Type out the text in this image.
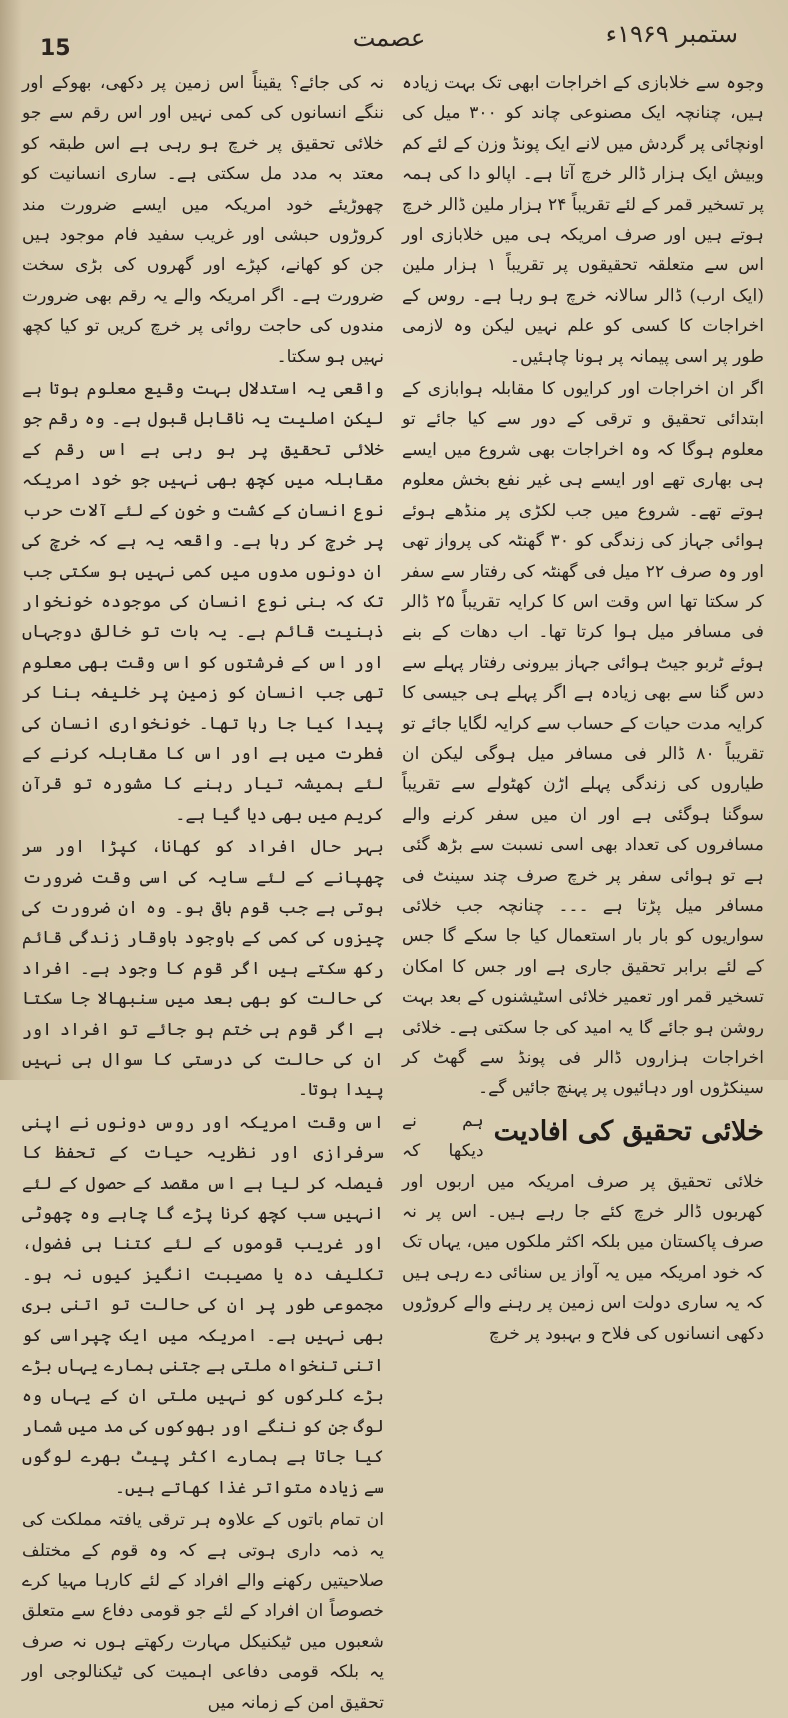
15	عصمت	ستمبر ۱۹۶۹ء

نہ کی جائے؟ یقیناً اس زمین پر دکھی، بھوکے اور ننگے انسانوں کی کمی نہیں اور اس رقم سے جو خلائی تحقیق پر خرچ ہو رہی ہے اس طبقہ کو معتد بہ مدد مل سکتی ہے۔ ساری انسانیت کو چھوڑیئے خود امریکہ میں ایسے ضرورت مند کروڑوں حبشی اور غریب سفید فام موجود ہیں جن کو کھانے، کپڑے اور گھروں کی بڑی سخت ضرورت ہے۔ اگر امریکہ والے یہ رقم بھی ضرورت مندوں کی حاجت روائی پر خرچ کریں تو کیا کچھ نہیں ہو سکتا۔

واقعی یہ استدلال بہت وقیع معلوم ہوتا ہے لیکن اصلیت یہ ناقابل قبول ہے۔ وہ رقم جو خلائی تحقیق پر ہو رہی ہے اس رقم کے مقابلہ میں کچھ بھی نہیں جو خود امریکہ نوع انسان کے کشت و خون کے لئے آلات حرب پر خرچ کر رہا ہے۔ واقعہ یہ ہے کہ خرچ کی ان دونوں مدوں میں کمی نہیں ہو سکتی جب تک کہ بنی نوع انسان کی موجودہ خونخوار ذہنیت قائم ہے۔ یہ بات تو خالق دوجہاں اور اس کے فرشتوں کو اس وقت بھی معلوم تھی جب انسان کو زمین پر خلیفہ بنا کر پیدا کیا جا رہا تھا۔ خونخواری انسان کی فطرت میں ہے اور اس کا مقابلہ کرنے کے لئے ہمیشہ تیار رہنے کا مشورہ تو قرآن کریم میں بھی دیا گیا ہے۔

بہر حال افراد کو کھانا، کپڑا اور سر چھپانے کے لئے سایہ کی اسی وقت ضرورت ہوتی ہے جب قوم باقی ہو۔ وہ ان ضرورت کی چیزوں کی کمی کے باوجود باوقار زندگی قائم رکھ سکتے ہیں اگر قوم کا وجود ہے۔ افراد کی حالت کو بھی بعد میں سنبھالا جا سکتا ہے اگر قوم ہی ختم ہو جائے تو افراد اور ان کی حالت کی درستی کا سوال ہی نہیں پیدا ہوتا۔

اس وقت امریکہ اور روس دونوں نے اپنی سرفرازی اور نظریہ حیات کے تحفظ کا فیصلہ کر لیا ہے اس مقصد کے حصول کے لئے انہیں سب کچھ کرنا پڑے گا چاہے وہ چھوٹی اور غریب قوموں کے لئے کتنا ہی فضول، تکلیف دہ یا مصیبت انگیز کیوں نہ ہو۔ مجموعی طور پر ان کی حالت تو اتنی بری بھی نہیں ہے۔ امریکہ میں ایک چپراسی کو اتنی تنخواہ ملتی ہے جتنی ہمارے یہاں بڑے بڑے کلرکوں کو نہیں ملتی ان کے یہاں وہ لوگ جن کو ننگے اور بھوکوں کی مد میں شمار کیا جاتا ہے ہمارے اکثر پیٹ بھرے لوگوں سے زیادہ متواتر غذا کھاتے ہیں۔

ان تمام باتوں کے علاوہ ہر ترقی یافتہ مملکت کی یہ ذمہ داری ہوتی ہے کہ وہ قوم کے مختلف صلاحیتیں رکھنے والے افراد کے لئے کارہا مہیا کرے خصوصاً ان افراد کے لئے جو قومی دفاع سے متعلق شعبوں میں ٹیکنیکل مہارت رکھتے ہوں نہ صرف یہ بلکہ قومی دفاعی اہمیت کی ٹیکنالوجی اور تحقیق امن کے زمانہ میں

وجوہ سے خلابازی کے اخراجات ابھی تک بہت زیادہ ہیں، چنانچہ ایک مصنوعی چاند کو ۳۰۰ میل کی اونچائی پر گردش میں لانے ایک پونڈ وزن کے لئے کم وبیش ایک ہزار ڈالر خرچ آتا ہے۔ اپالو دا کی ہمہ پر تسخیر قمر کے لئے تقریباً ۲۴ ہزار ملین ڈالر خرچ ہوتے ہیں اور صرف امریکہ ہی میں خلابازی اور اس سے متعلقہ تحقیقوں پر تقریباً ۱ ہزار ملین (ایک ارب) ڈالر سالانہ خرچ ہو رہا ہے۔ روس کے اخراجات کا کسی کو علم نہیں لیکن وہ لازمی طور پر اسی پیمانہ پر ہونا چاہئیں۔

اگر ان اخراجات اور کرایوں کا مقابلہ ہوابازی کے ابتدائی تحقیق و ترقی کے دور سے کیا جائے تو معلوم ہوگا کہ وہ اخراجات بھی شروع میں ایسے ہی بھاری تھے اور ایسے ہی غیر نفع بخش معلوم ہوتے تھے۔ شروع میں جب لکڑی پر منڈھے ہوئے ہوائی جہاز کی زندگی کو ۳۰ گھنٹہ کی پرواز تھی اور وہ صرف ۲۲ میل فی گھنٹہ کی رفتار سے سفر کر سکتا تھا اس وقت اس کا کرایہ تقریباً ۲۵ ڈالر فی مسافر میل ہوا کرتا تھا۔ اب دھات کے بنے ہوئے ٹربو جیٹ ہوائی جہاز بیرونی رفتار پہلے سے دس گنا سے بھی زیادہ ہے اگر پہلے ہی جیسی کا کرایہ مدت حیات کے حساب سے کرایہ لگایا جائے تو تقریباً ۸۰ ڈالر فی مسافر میل ہوگی لیکن ان طیاروں کی زندگی پہلے اڑن کھٹولے سے تقریباً سوگنا ہوگئی ہے اور ان میں سفر کرنے والے مسافروں کی تعداد بھی اسی نسبت سے بڑھ گئی ہے تو ہوائی سفر پر خرچ صرف چند سینٹ فی مسافر میل پڑتا ہے ۔۔۔ چنانچہ جب خلائی سواریوں کو بار بار استعمال کیا جا سکے گا جس کے لئے برابر تحقیق جاری ہے اور جس کا امکان تسخیر قمر اور تعمیر خلائی اسٹیشنوں کے بعد بہت روشن ہو جائے گا یہ امید کی جا سکتی ہے۔ خلائی اخراجات ہزاروں ڈالر فی پونڈ سے گھٹ کر سینکڑوں اور دہائیوں پر پہنچ جائیں گے۔

خلائی تحقیق کی افادیت
ہم نے دیکھا کہ خلائی تحقیق پر صرف امریکہ میں اربوں اور کھربوں ڈالر خرچ کئے جا رہے ہیں۔ اس پر نہ صرف پاکستان میں بلکہ اکثر ملکوں میں، یہاں تک کہ خود امریکہ میں یہ آواز یں سنائی دے رہی ہیں کہ یہ ساری دولت اس زمین پر رہنے والے کروڑوں دکھی انسانوں کی فلاح و بہبود پر خرچ
